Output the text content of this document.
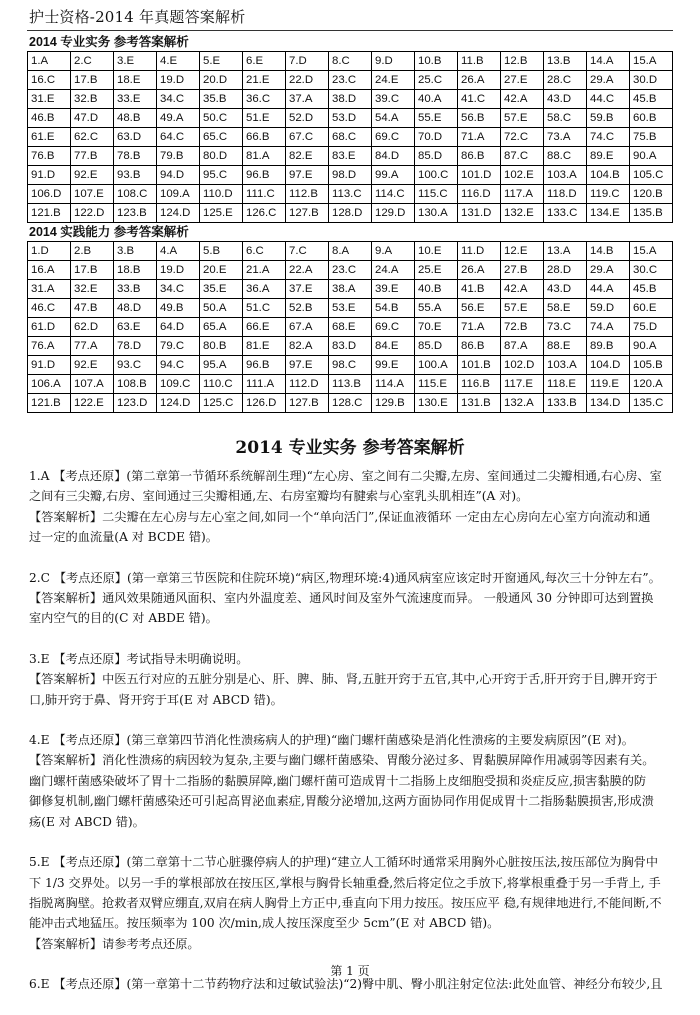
护士资格-2014 年真题答案解析
2014 专业实务 参考答案解析
1.A	2.C	3.E	4.E	5.E	6.E	7.D	8.C	9.D	10.B	11.B	12.B	13.B	14.A	15.A
16.C	17.B	18.E	19.D	20.D	21.E	22.D	23.C	24.E	25.C	26.A	27.E	28.C	29.A	30.D
31.E	32.B	33.E	34.C	35.B	36.C	37.A	38.D	39.C	40.A	41.C	42.A	43.D	44.C	45.B
46.B	47.D	48.B	49.A	50.C	51.E	52.D	53.D	54.A	55.E	56.B	57.E	58.C	59.B	60.B
61.E	62.C	63.D	64.C	65.C	66.B	67.C	68.C	69.C	70.D	71.A	72.C	73.A	74.C	75.B
76.B	77.B	78.B	79.B	80.D	81.A	82.E	83.E	84.D	85.D	86.B	87.C	88.C	89.E	90.A
91.D	92.E	93.B	94.D	95.C	96.B	97.E	98.D	99.A	100.C	101.D	102.E	103.A	104.B	105.C
106.D	107.E	108.C	109.A	110.D	111.C	112.B	113.C	114.C	115.C	116.D	117.A	118.D	119.C	120.B
121.B	122.D	123.B	124.D	125.E	126.C	127.B	128.D	129.D	130.A	131.D	132.E	133.C	134.E	135.B
2014 实践能力 参考答案解析
1.D	2.B	3.B	4.A	5.B	6.C	7.C	8.A	9.A	10.E	11.D	12.E	13.A	14.B	15.A
16.A	17.B	18.B	19.D	20.E	21.A	22.A	23.C	24.A	25.E	26.A	27.B	28.D	29.A	30.C
31.A	32.E	33.B	34.C	35.E	36.A	37.E	38.A	39.E	40.B	41.B	42.A	43.D	44.A	45.B
46.C	47.B	48.D	49.B	50.A	51.C	52.B	53.E	54.B	55.A	56.E	57.E	58.E	59.D	60.E
61.D	62.D	63.E	64.D	65.A	66.E	67.A	68.E	69.C	70.E	71.A	72.B	73.C	74.A	75.D
76.A	77.A	78.D	79.C	80.B	81.E	82.A	83.D	84.E	85.D	86.B	87.A	88.E	89.B	90.A
91.D	92.E	93.C	94.C	95.A	96.B	97.E	98.C	99.E	100.A	101.B	102.D	103.A	104.D	105.B
106.A	107.A	108.B	109.C	110.C	111.A	112.D	113.B	114.A	115.E	116.B	117.E	118.E	119.E	120.A
121.B	122.E	123.D	124.D	125.C	126.D	127.B	128.C	129.B	130.E	131.B	132.A	133.B	134.D	135.C
2014 专业实务 参考答案解析

1.A 【考点还原】(第二章第一节循环系统解剖生理)“左心房、室之间有二尖瓣,左房、室间通过二尖瓣相通,右心房、室

之间有三尖瓣,右房、室间通过三尖瓣相通,左、右房室瓣均有腱索与心室乳头肌相连”(A 对)。

【答案解析】二尖瓣在左心房与左心室之间,如同一个“单向活门”,保证血液循环 一定由左心房向左心室方向流动和通

过一定的血流量(A 对 BCDE 错)。

2.C 【考点还原】(第一章第三节医院和住院环境)“病区,物理环境:4)通风病室应该定时开窗通风,每次三十分钟左右”。

【答案解析】通风效果随通风面积、室内外温度差、通风时间及室外气流速度而异。 一般通风 30 分钟即可达到置换

室内空气的目的(C 对 ABDE 错)。

3.E 【考点还原】考试指导未明确说明。

【答案解析】中医五行对应的五脏分别是心、肝、脾、肺、肾,五脏开窍于五官,其中,心开窍于舌,肝开窍于目,脾开窍于

口,肺开窍于鼻、肾开窍于耳(E 对 ABCD 错)。

4.E 【考点还原】(第三章第四节消化性溃疡病人的护理)“幽门螺杆菌感染是消化性溃疡的主要发病原因”(E 对)。

【答案解析】消化性溃疡的病因较为复杂,主要与幽门螺杆菌感染、胃酸分泌过多、胃黏膜屏障作用减弱等因素有关。

幽门螺杆菌感染破坏了胃十二指肠的黏膜屏障,幽门螺杆菌可造成胃十二指肠上皮细胞受损和炎症反应,损害黏膜的防

御修复机制,幽门螺杆菌感染还可引起高胃泌血素症,胃酸分泌增加,这两方面协同作用促成胃十二指肠黏膜损害,形成溃

疡(E 对 ABCD 错)。

5.E 【考点还原】(第二章第十二节心脏骤停病人的护理)“建立人工循环时通常采用胸外心脏按压法,按压部位为胸骨中

下 1/3 交界处。以另一手的掌根部放在按压区,掌根与胸骨长轴重叠,然后将定位之手放下,将掌根重叠于另一手背上, 手

指脱离胸壁。抢救者双臂应绷直,双肩在病人胸骨上方正中,垂直向下用力按压。按压应平 稳,有规律地进行,不能间断,不

能冲击式地猛压。按压频率为 100 次/min,成人按压深度至少 5cm”(E 对 ABCD 错)。

【答案解析】请参考考点还原。

6.E 【考点还原】(第一章第十二节药物疗法和过敏试验法)“2)臀中肌、臀小肌注射定位法:此处血管、神经分布较少,且

第 1 页
